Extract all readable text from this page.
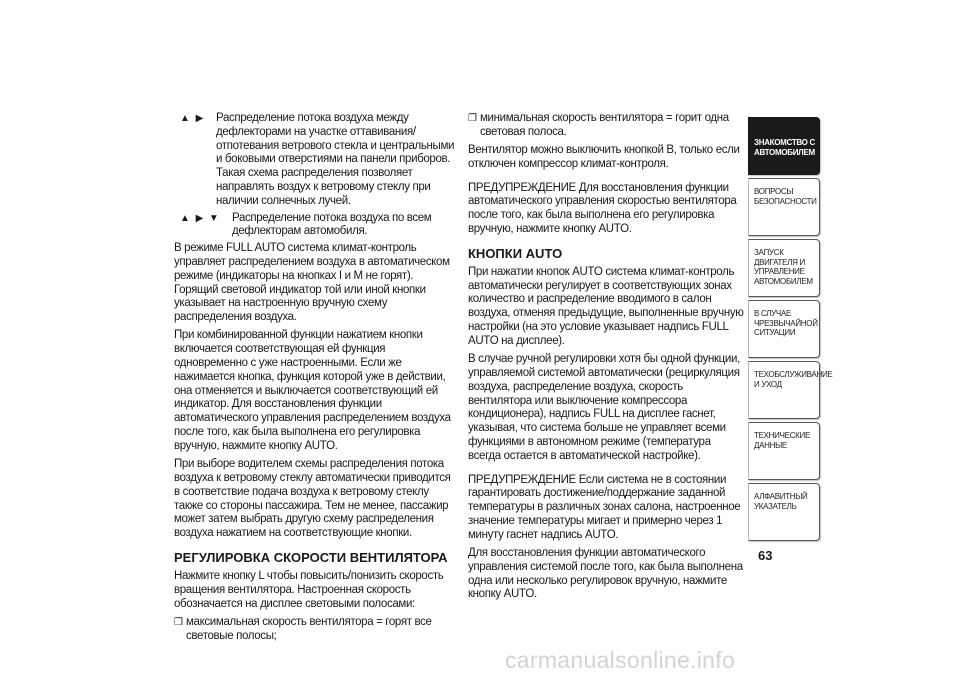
▲ ▶ Распределение потока воздуха между дефлекторами на участке оттавивания/отпотевания ветрового стекла и центральными и боковыми отверстиями на панели приборов. Такая схема распределения позволяет направлять воздух к ветровому стеклу при наличии солнечных лучей.
▲ ▶ ▼ Распределение потока воздуха по всем дефлекторам автомобиля.

В режиме FULL AUTO система климат-контроль управляет распределением воздуха в автоматическом режиме (индикаторы на кнопках I и M не горят). Горящий световой индикатор той или иной кнопки указывает на настроенную вручную схему распределения воздуха.

При комбинированной функции нажатием кнопки включается соответствующая ей функция одновременно с уже настроенными. Если же нажимается кнопка, функция которой уже в действии, она отменяется и выключается соответствующий ей индикатор. Для восстановления функции автоматического управления распределением воздуха после того, как была выполнена его регулировка вручную, нажмите кнопку AUTO.

При выборе водителем схемы распределения потока воздуха к ветровому стеклу автоматически приводится в соответствие подача воздуха к ветровому стеклу также со стороны пассажира. Тем не менее, пассажир может затем выбрать другую схему распределения воздуха нажатием на соответствующие кнопки.

РЕГУЛИРОВКА СКОРОСТИ ВЕНТИЛЯТОРА

Нажмите кнопку L чтобы повысить/понизить скорость вращения вентилятора. Настроенная скорость обозначается на дисплее световыми полосами:

❐ максимальная скорость вентилятора = горят все световые полосы;

❐ минимальная скорость вентилятора = горит одна световая полоса.

Вентилятор можно выключить кнопкой B, только если отключен компрессор климат-контроля.

ПРЕДУПРЕЖДЕНИЕ Для восстановления функции автоматического управления скоростью вентилятора после того, как была выполнена его регулировка вручную, нажмите кнопку AUTO.

КНОПКИ AUTO

При нажатии кнопок AUTO система климат-контроль автоматически регулирует в соответствующих зонах количество и распределение вводимого в салон воздуха, отменяя предыдущие, выполненные вручную настройки (на это условие указывает надпись FULL AUTO на дисплее).

В случае ручной регулировки хотя бы одной функции, управляемой системой автоматически (рециркуляция воздуха, распределение воздуха, скорость вентилятора или выключение компрессора кондиционера), надпись FULL на дисплее гаснет, указывая, что система больше не управляет всеми функциями в автономном режиме (температура всегда остается в автоматической настройке).

ПРЕДУПРЕЖДЕНИЕ Если система не в состоянии гарантировать достижение/поддержание заданной температуры в различных зонах салона, настроенное значение температуры мигает и примерно через 1 минуту гаснет надпись AUTO.

Для восстановления функции автоматического управления системой после того, как была выполнена одна или несколько регулировок вручную, нажмите кнопку AUTO.

ЗНАКОМСТВО С
АВТОМОБИЛЕМ
ВОПРОСЫ
БЕЗОПАСНОСТИ
ЗАПУСК ДВИГАТЕЛЯ И
УПРАВЛЕНИЕ
АВТОМОБИЛЕМ
В СЛУЧАЕ
ЧРЕЗВЫЧАЙНОЙ
СИТУАЦИИ
ТЕХОБСЛУЖИВАНИЕ
И УХОД
ТЕХНИЧЕСКИЕ
ДАННЫЕ
АЛФАВИТНЫЙ
УКАЗАТЕЛЬ
63
carmanualsonline.info
